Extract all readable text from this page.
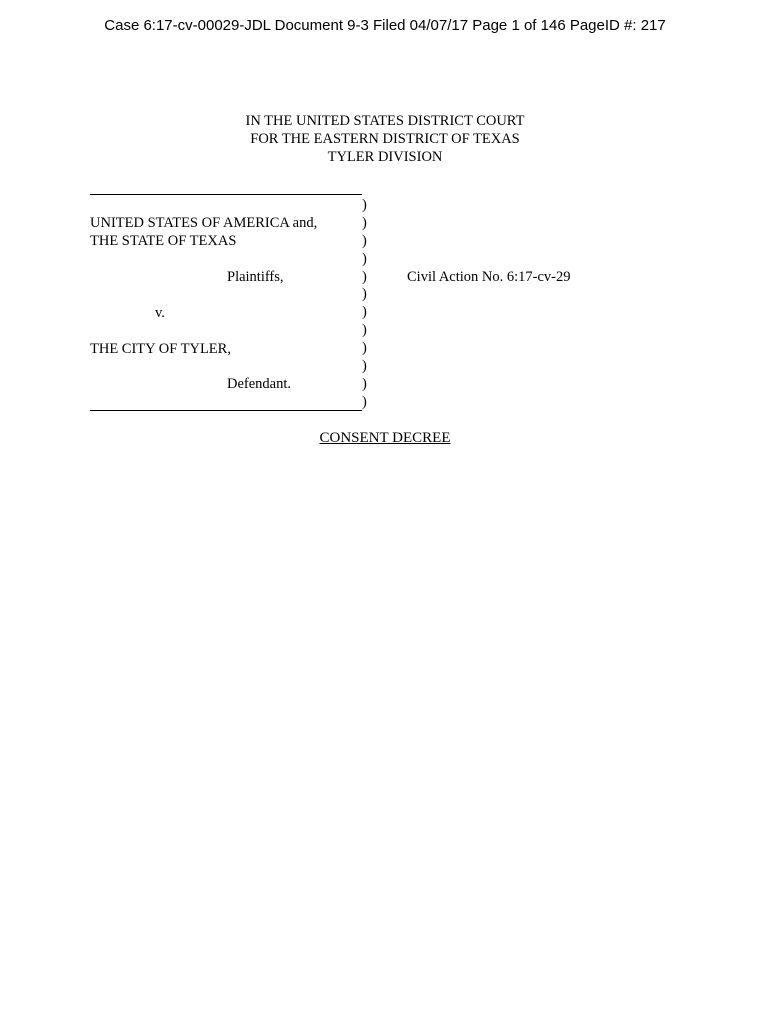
Case 6:17-cv-00029-JDL Document 9-3 Filed 04/07/17 Page 1 of 146 PageID #: 217
IN THE UNITED STATES DISTRICT COURT
FOR THE EASTERN DISTRICT OF TEXAS
TYLER DIVISION
)
)
)
)
)
)
)
)
)
)
)
)
UNITED STATES OF AMERICA and,
THE STATE OF TEXAS
Plaintiffs,
v.
THE CITY OF TYLER,
Defendant.
Civil Action No. 6:17-cv-29
CONSENT DECREE
